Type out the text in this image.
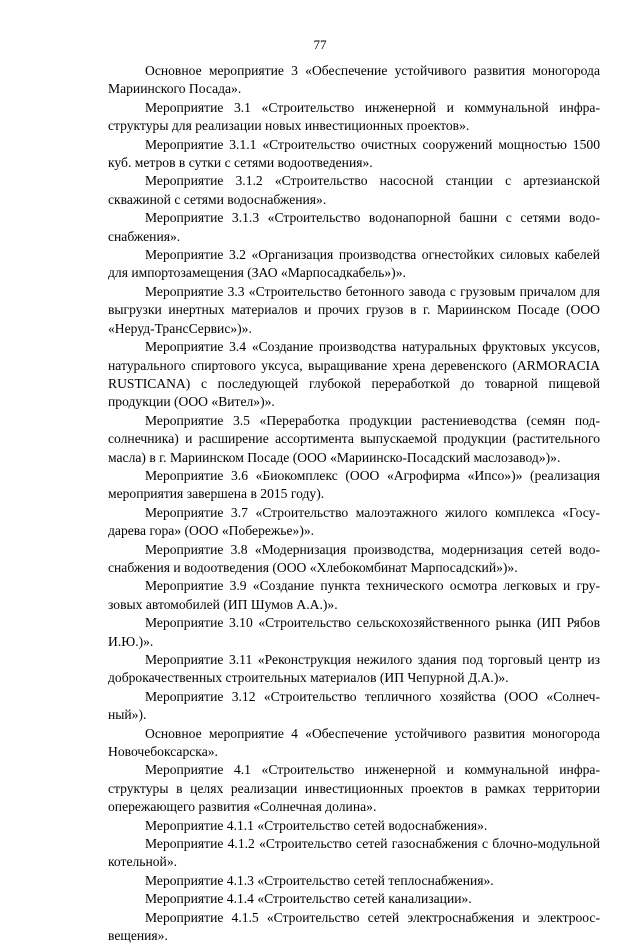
77

Основное мероприятие 3 «Обеспечение устойчивого развития моногорода Мариинского Посада».

Мероприятие 3.1 «Строительство инженерной и коммунальной инфраструктуры для реализации новых инвестиционных проектов».

Мероприятие 3.1.1 «Строительство очистных сооружений мощностью 1500 куб. метров в сутки с сетями водоотведения».

Мероприятие 3.1.2 «Строительство насосной станции с артезианской скважиной с сетями водоснабжения».

Мероприятие 3.1.3 «Строительство водонапорной башни с сетями водоснабжения».

Мероприятие 3.2 «Организация производства огнестойких силовых кабелей для импортозамещения (ЗАО «Марпосадкабель»)».

Мероприятие 3.3 «Строительство бетонного завода с грузовым причалом для выгрузки инертных материалов и прочих грузов в г. Мариинском Посаде (ООО «Неруд-ТрансСервис»)».

Мероприятие 3.4 «Создание производства натуральных фруктовых уксусов, натурального спиртового уксуса, выращивание хрена деревенского (ARMORACIA RUSTICANA) с последующей глубокой переработкой до товарной пищевой продукции (ООО «Вител»)».

Мероприятие 3.5 «Переработка продукции растениеводства (семян подсолнечника) и расширение ассортимента выпускаемой продукции (растительного масла) в г. Мариинском Посаде (ООО «Мариинско-Посадский маслозавод»)».

Мероприятие 3.6 «Биокомплекс (ООО «Агрофирма «Ипсо»)» (реализация мероприятия завершена в 2015 году).

Мероприятие 3.7 «Строительство малоэтажного жилого комплекса «Государева гора» (ООО «Побережье»)».

Мероприятие 3.8 «Модернизация производства, модернизация сетей водоснабжения и водоотведения (ООО «Хлебокомбинат Марпосадский»)».

Мероприятие 3.9 «Создание пункта технического осмотра легковых и грузовых автомобилей (ИП Шумов А.А.)».

Мероприятие 3.10 «Строительство сельскохозяйственного рынка (ИП Рябов И.Ю.)».

Мероприятие 3.11 «Реконструкция нежилого здания под торговый центр из доброкачественных строительных материалов (ИП Чепурной Д.А.)».

Мероприятие 3.12 «Строительство тепличного хозяйства (ООО «Солнечный»).

Основное мероприятие 4 «Обеспечение устойчивого развития моногорода Новочебоксарска».

Мероприятие 4.1 «Строительство инженерной и коммунальной инфраструктуры в целях реализации инвестиционных проектов в рамках территории опережающего развития «Солнечная долина».

Мероприятие 4.1.1 «Строительство сетей водоснабжения».

Мероприятие 4.1.2 «Строительство сетей газоснабжения с блочно-модульной котельной».

Мероприятие 4.1.3 «Строительство сетей теплоснабжения».

Мероприятие 4.1.4 «Строительство сетей канализации».

Мероприятие 4.1.5 «Строительство сетей электроснабжения и электроосвещения».
